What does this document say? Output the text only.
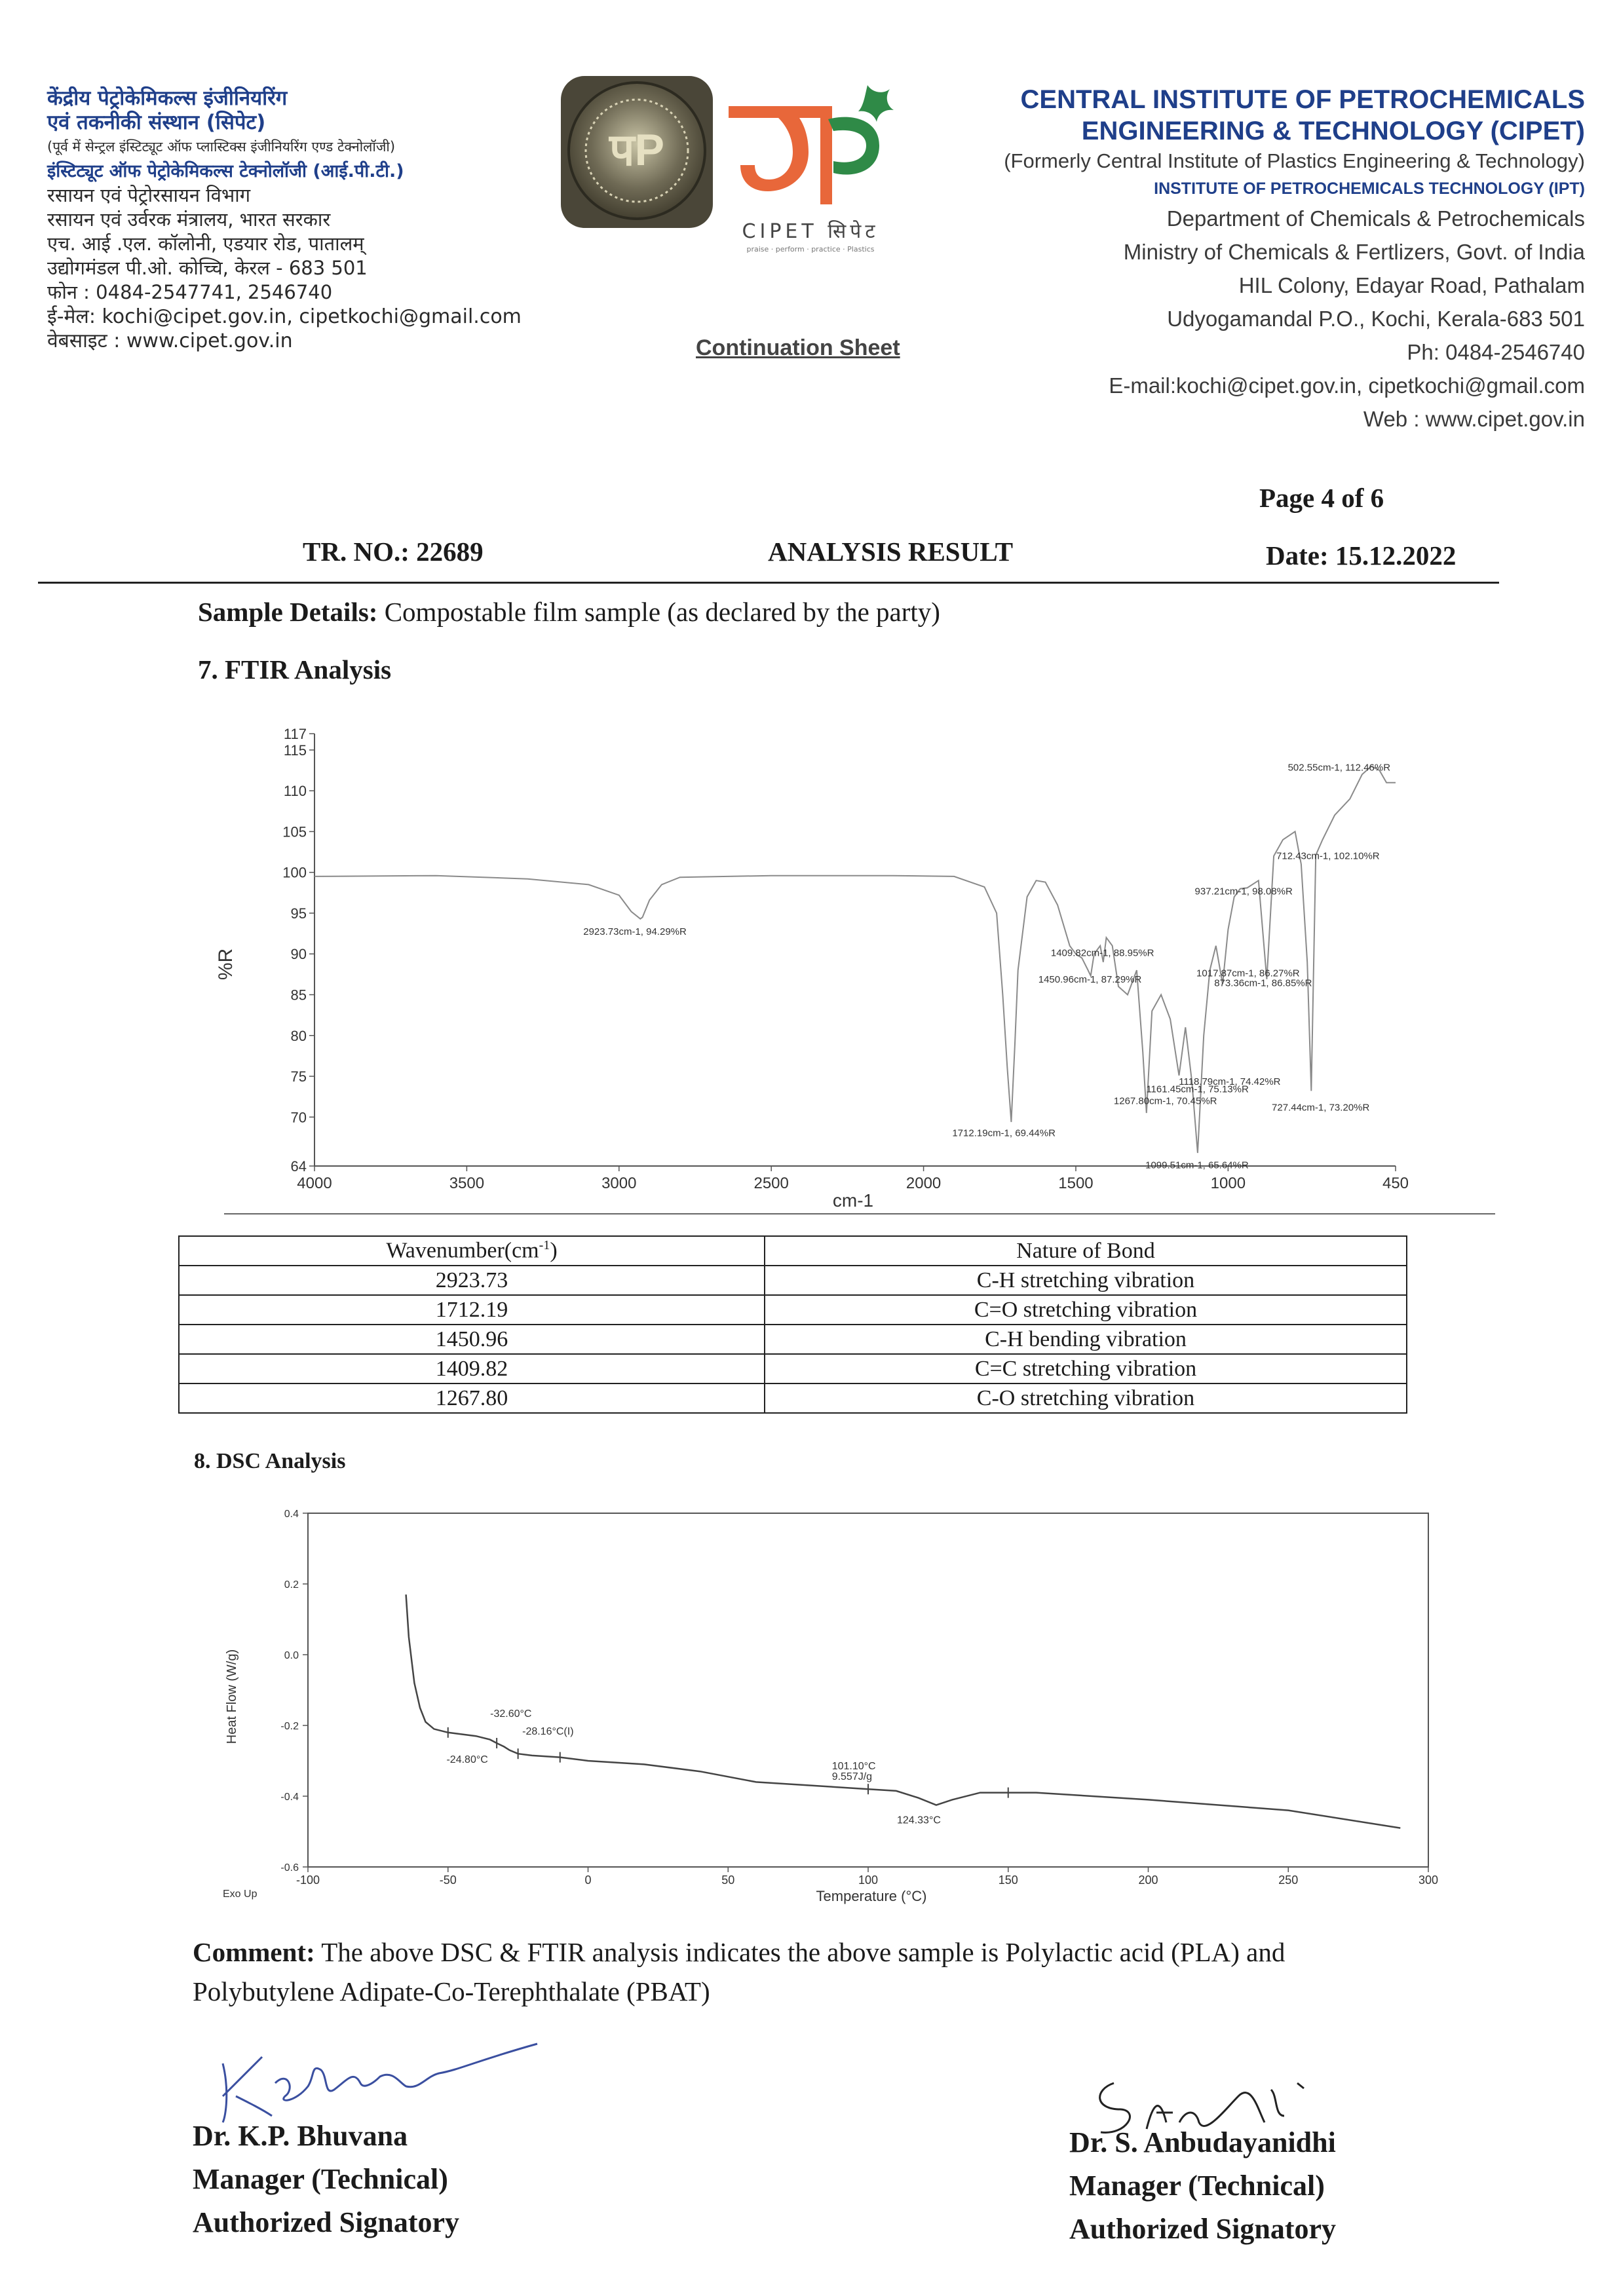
केंद्रीय पेट्रोकेमिकल्स इंजीनियरिंग
एवं तकनीकी संस्थान (सिपेट)
(पूर्व में सेन्ट्रल इंस्टिट्यूट ऑफ प्लास्टिक्स इंजीनियरिंग एण्ड टेक्नोलॉजी)
इंस्टिट्यूट ऑफ पेट्रोकेमिकल्स टेक्नोलॉजी (आई.पी.टी.)
रसायन एवं पेट्रोरसायन विभाग
रसायन एवं उर्वरक मंत्रालय, भारत सरकार
एच. आई .एल. कॉलोनी, एडयार रोड, पातालम्
उद्योगमंडल पी.ओ. कोच्चि, केरल - 683 501
फोन : 0484-2547741, 2546740
ई-मेल: kochi@cipet.gov.in, cipetkochi@gmail.com
वेबसाइट : www.cipet.gov.in
पP
CIPET सिपेट
praise · perform · practice · Plastics
Continuation Sheet
CENTRAL INSTITUTE OF PETROCHEMICALS
ENGINEERING & TECHNOLOGY (CIPET)
(Formerly Central Institute of Plastics Engineering & Technology)
INSTITUTE OF PETROCHEMICALS TECHNOLOGY (IPT)
Department of Chemicals & Petrochemicals
Ministry of Chemicals & Fertlizers, Govt. of India
HIL Colony, Edayar Road, Pathalam
Udyogamandal P.O., Kochi, Kerala-683 501
Ph: 0484-2546740
E-mail:kochi@cipet.gov.in, cipetkochi@gmail.com
Web : www.cipet.gov.in
Page 4 of 6
TR. NO.: 22689	ANALYSIS RESULT	Date: 15.12.2022
Sample Details: Compostable film sample (as declared by the party)
7. FTIR Analysis
117
115
110
105
100
95
90
85
80
75
70
64
4000	3500	3000	2500	2000	1500	1000	450
2923.73cm-1, 94.29%R
1712.19cm-1, 69.44%R
1450.96cm-1, 87.29%R
1409.82cm-1, 88.95%R
1267.80cm-1, 70.45%R
1118.79cm-1, 74.42%R
1161.45cm-1, 75.13%R
1099.51cm-1, 65.64%R
1017.87cm-1, 86.27%R
873.36cm-1, 86.85%R
937.21cm-1, 98.08%R
712.43cm-1, 102.10%R
502.55cm-1, 112.46%R
727.44cm-1, 73.20%R
%R
cm-1
$Wavenumber(cm^{-1})$	Nature of Bond
2923.73	C-H stretching vibration
1712.19	C=O stretching vibration
1450.96	C-H bending vibration
1409.82	C=C stretching vibration
1267.80	C-O stretching vibration
8. DSC Analysis
0.4
0.2
0.0
-0.2
-0.4
-0.6
-100	-50	0	50	100	150	200	250	300
-32.60°C
-28.16°C(I)
-24.80°C
101.10°C
9.557J/g
124.33°C
Heat Flow (W/g)
Temperature (°C)
Exo Up
Comment: The above DSC & FTIR analysis indicates the above sample is Polylactic acid (PLA) and
Polybutylene Adipate-Co-Terephthalate (PBAT)
Dr. K.P. Bhuvana
Manager (Technical)
Authorized Signatory
Dr. S. Anbudayanidhi
Manager (Technical)
Authorized Signatory
